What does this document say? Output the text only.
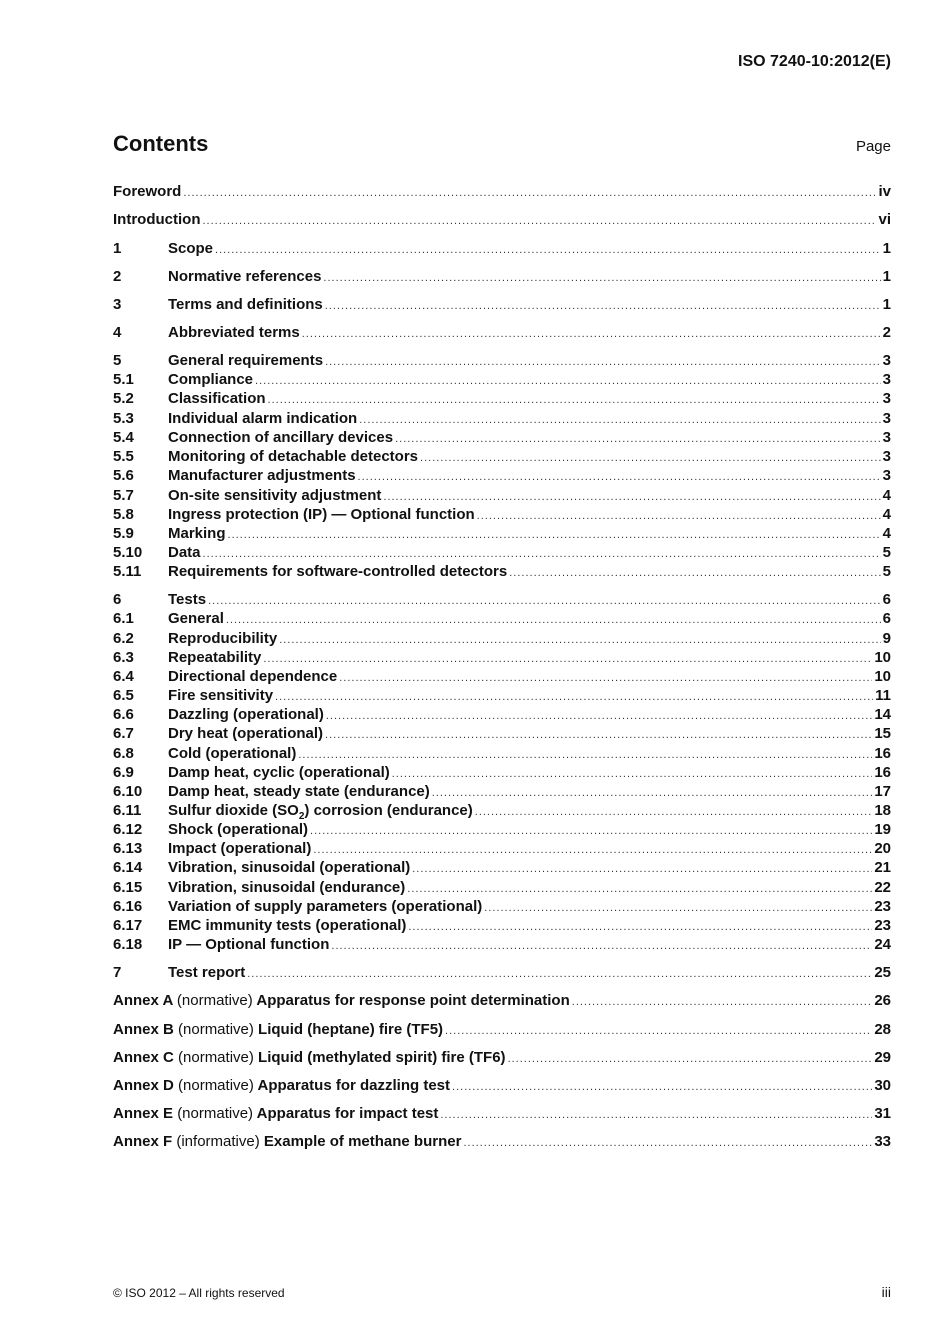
ISO 7240-10:2012(E)
Contents	Page
Foreword .....	iv
Introduction .....	vi
1	Scope .....	1
2	Normative references .....	1
3	Terms and definitions .....	1
4	Abbreviated terms .....	2
5	General requirements .....	3
5.1	Compliance .....	3
5.2	Classification .....	3
5.3	Individual alarm indication .....	3
5.4	Connection of ancillary devices .....	3
5.5	Monitoring of detachable detectors .....	3
5.6	Manufacturer adjustments .....	3
5.7	On-site sensitivity adjustment .....	4
5.8	Ingress protection (IP) — Optional function .....	4
5.9	Marking .....	4
5.10	Data .....	5
5.11	Requirements for software-controlled detectors .....	5
6	Tests .....	6
6.1	General .....	6
6.2	Reproducibility .....	9
6.3	Repeatability .....	10
6.4	Directional dependence .....	10
6.5	Fire sensitivity .....	11
6.6	Dazzling (operational) .....	14
6.7	Dry heat (operational) .....	15
6.8	Cold (operational) .....	16
6.9	Damp heat, cyclic (operational) .....	16
6.10	Damp heat, steady state (endurance) .....	17
6.11	Sulfur dioxide $(SO_2)$ corrosion (endurance) .....	18
6.12	Shock (operational) .....	19
6.13	Impact (operational) .....	20
6.14	Vibration, sinusoidal (operational) .....	21
6.15	Vibration, sinusoidal (endurance) .....	22
6.16	Variation of supply parameters (operational) .....	23
6.17	EMC immunity tests (operational) .....	23
6.18	IP — Optional function .....	24
7	Test report .....	25
Annex A (normative) Apparatus for response point determination .....	26
Annex B (normative) Liquid (heptane) fire (TF5) .....	28
Annex C (normative) Liquid (methylated spirit) fire (TF6) .....	29
Annex D (normative) Apparatus for dazzling test .....	30
Annex E (normative) Apparatus for impact test .....	31
Annex F (informative) Example of methane burner .....	33
© ISO 2012 – All rights reserved	iii
